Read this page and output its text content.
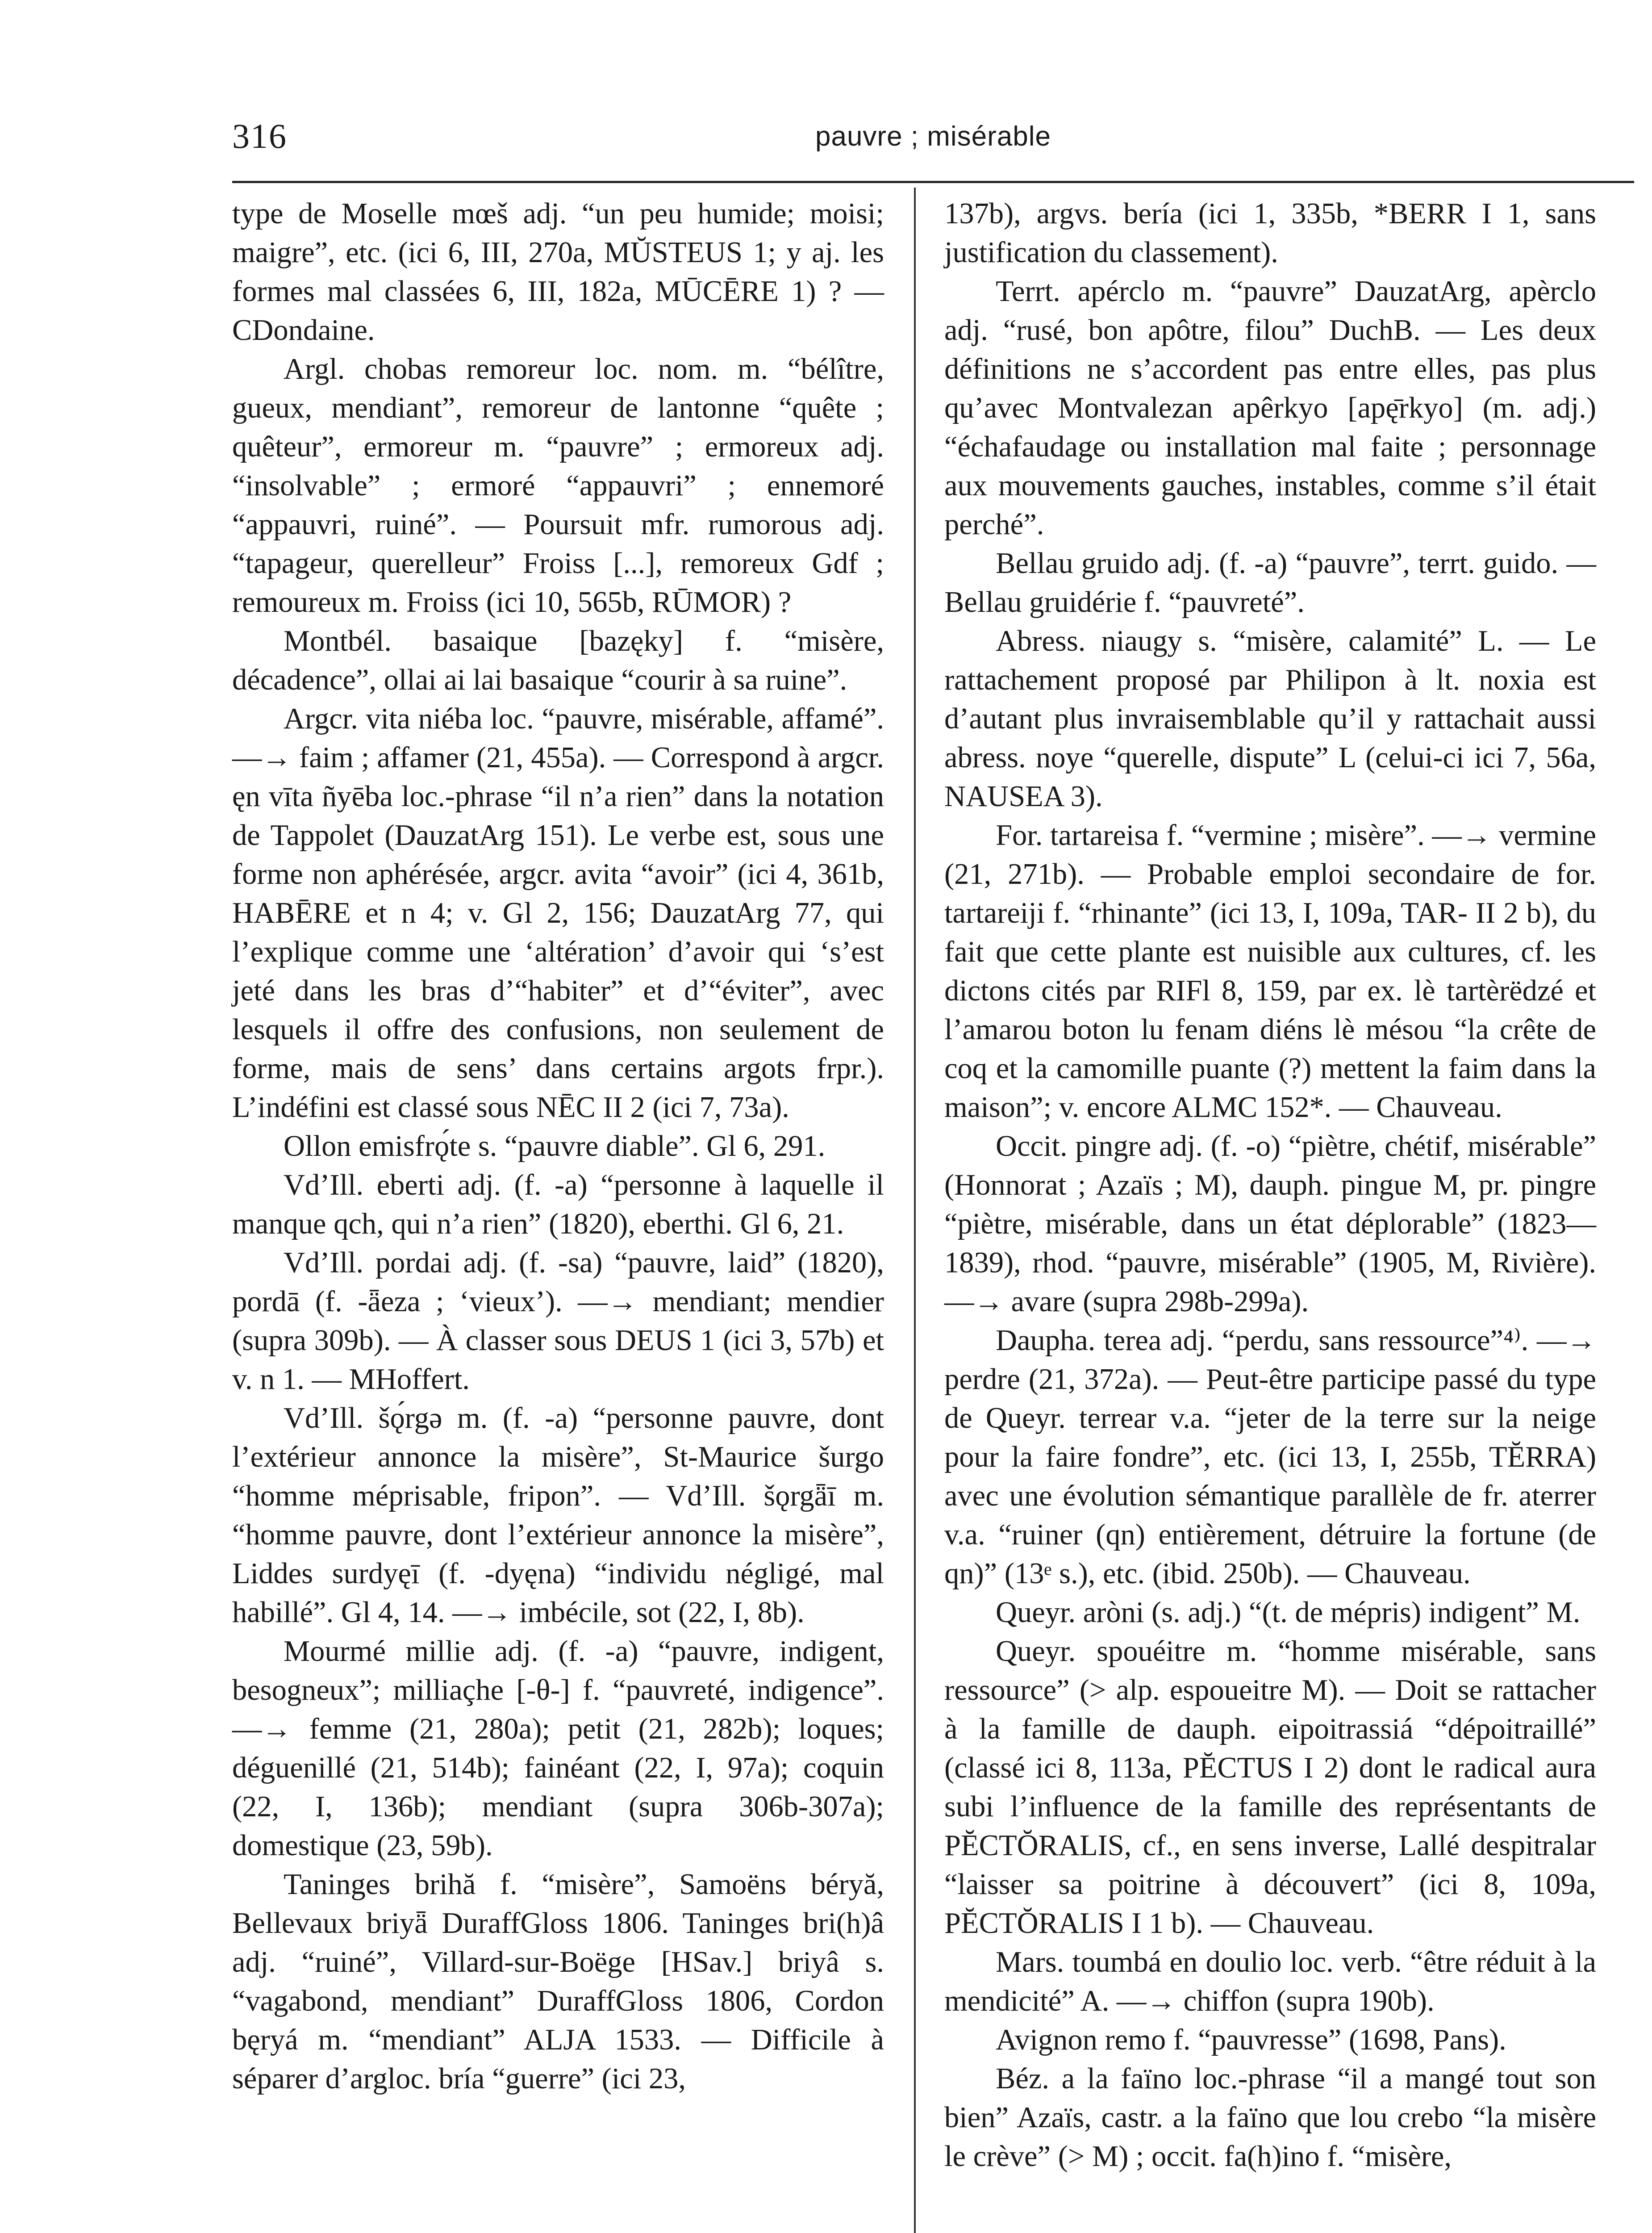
316	pauvre ; misérable

type de Moselle mœš adj. “un peu humide; moisi; maigre”, etc. (ici 6, III, 270a, MŬSTEUS 1; y aj. les formes mal classées 6, III, 182a, MŪCĒRE 1) ? — CDondaine.

Argl. chobas remoreur loc. nom. m. “bélître, gueux, mendiant”, remoreur de lantonne “quête ; quêteur”, ermoreur m. “pauvre” ; ermoreux adj. “insolvable” ; ermoré “appauvri” ; ennemoré “appauvri, ruiné”. — Poursuit mfr. rumorous adj. “tapageur, querelleur” Froiss [...], remoreux Gdf ; remoureux m. Froiss (ici 10, 565b, RŪMOR) ?

Montbél. basaique [bazęky] f. “misère, décadence”, ollai ai lai basaique “courir à sa ruine”.

Argcr. vita niéba loc. “pauvre, misérable, affamé”. —→ faim ; affamer (21, 455a). — Correspond à argcr. ęn vīta ñyēba loc.-phrase “il n’a rien” dans la notation de Tappolet (DauzatArg 151). Le verbe est, sous une forme non aphérésée, argcr. avita “avoir” (ici 4, 361b, HABĒRE et n 4; v. Gl 2, 156; DauzatArg 77, qui l’explique comme une ‘altération’ d’avoir qui ‘s’est jeté dans les bras d’“habiter” et d’“éviter”, avec lesquels il offre des confusions, non seulement de forme, mais de sens’ dans certains argots frpr.). L’indéfini est classé sous NĒC II 2 (ici 7, 73a).

Ollon emisfrǫ́te s. “pauvre diable”. Gl 6, 291.

Vd’Ill. eberti adj. (f. -a) “personne à laquelle il manque qch, qui n’a rien” (1820), eberthi. Gl 6, 21.

Vd’Ill. pordai adj. (f. -sa) “pauvre, laid” (1820), pordā (f. -ǟeza ; ‘vieux’). —→ mendiant; mendier (supra 309b). — À classer sous DEUS 1 (ici 3, 57b) et v. n 1. — MHoffert.

Vd’Ill. šǫ́rgə m. (f. -a) “personne pauvre, dont l’extérieur annonce la misère”, St-Maurice šurgo “homme méprisable, fripon”. — Vd’Ill. šǫrgǟī m. “homme pauvre, dont l’extérieur annonce la misère”, Liddes surdyęī (f. -dyęna) “individu négligé, mal habillé”. Gl 4, 14. —→ imbécile, sot (22, I, 8b).

Mourmé millie adj. (f. -a) “pauvre, indigent, besogneux”; milliaçhe [-θ-] f. “pauvreté, indigence”. —→ femme (21, 280a); petit (21, 282b); loques; déguenillé (21, 514b); fainéant (22, I, 97a); coquin (22, I, 136b); mendiant (supra 306b-307a); domestique (23, 59b).

Taninges brihă f. “misère”, Samoëns béryă, Bellevaux briyǟ DuraffGloss 1806. Taninges bri(h)â adj. “ruiné”, Villard-sur-Boëge [HSav.] briyâ s. “vagabond, mendiant” DuraffGloss 1806, Cordon bęryá m. “mendiant” ALJA 1533. — Difficile à séparer d’argloc. bría “guerre” (ici 23,

137b), argvs. bería (ici 1, 335b, *BERR I 1, sans justification du classement).

Terrt. apérclo m. “pauvre” DauzatArg, apèrclo adj. “rusé, bon apôtre, filou” DuchB. — Les deux définitions ne s’accordent pas entre elles, pas plus qu’avec Montvalezan apêrkyo [apę̄rkyo] (m. adj.) “échafaudage ou installation mal faite ; personnage aux mouvements gauches, instables, comme s’il était perché”.

Bellau gruido adj. (f. -a) “pauvre”, terrt. guido. — Bellau gruidérie f. “pauvreté”.

Abress. niaugy s. “misère, calamité” L. — Le rattachement proposé par Philipon à lt. noxia est d’autant plus invraisemblable qu’il y rattachait aussi abress. noye “querelle, dispute” L (celui-ci ici 7, 56a, NAUSEA 3).

For. tartareisa f. “vermine ; misère”. —→ vermine (21, 271b). — Probable emploi secondaire de for. tartareiji f. “rhinante” (ici 13, I, 109a, TAR- II 2 b), du fait que cette plante est nuisible aux cultures, cf. les dictons cités par RIFl 8, 159, par ex. lè tartèrëdzé et l’amarou boton lu fenam diéns lè mésou “la crête de coq et la camomille puante (?) mettent la faim dans la maison”; v. encore ALMC 152*. — Chauveau.

Occit. pingre adj. (f. -o) “piètre, chétif, misérable” (Honnorat ; Azaïs ; M), dauph. pingue M, pr. pingre “piètre, misérable, dans un état déplorable” (1823—1839), rhod. “pauvre, misérable” (1905, M, Rivière). —→ avare (supra 298b-299a).

Daupha. terea adj. “perdu, sans ressource”⁴⁾. —→ perdre (21, 372a). — Peut-être participe passé du type de Queyr. terrear v.a. “jeter de la terre sur la neige pour la faire fondre”, etc. (ici 13, I, 255b, TĔRRA) avec une évolution sémantique parallèle de fr. aterrer v.a. “ruiner (qn) entièrement, détruire la fortune (de qn)” (13ᵉ s.), etc. (ibid. 250b). — Chauveau.

Queyr. aròni (s. adj.) “(t. de mépris) indigent” M.

Queyr. spouéitre m. “homme misérable, sans ressource” (> alp. espoueitre M). — Doit se rattacher à la famille de dauph. eipoitrassiá “dépoitraillé” (classé ici 8, 113a, PĔCTUS I 2) dont le radical aura subi l’influence de la famille des représentants de PĔCTŎRALIS, cf., en sens inverse, Lallé despitralar “laisser sa poitrine à découvert” (ici 8, 109a, PĔCTŎRALIS I 1 b). — Chauveau.

Mars. toumbá en doulio loc. verb. “être réduit à la mendicité” A. —→ chiffon (supra 190b).

Avignon remo f. “pauvresse” (1698, Pans).

Béz. a la faïno loc.-phrase “il a mangé tout son bien” Azaïs, castr. a la faïno que lou crebo “la misère le crève” (> M) ; occit. fa(h)ino f. “misère,
